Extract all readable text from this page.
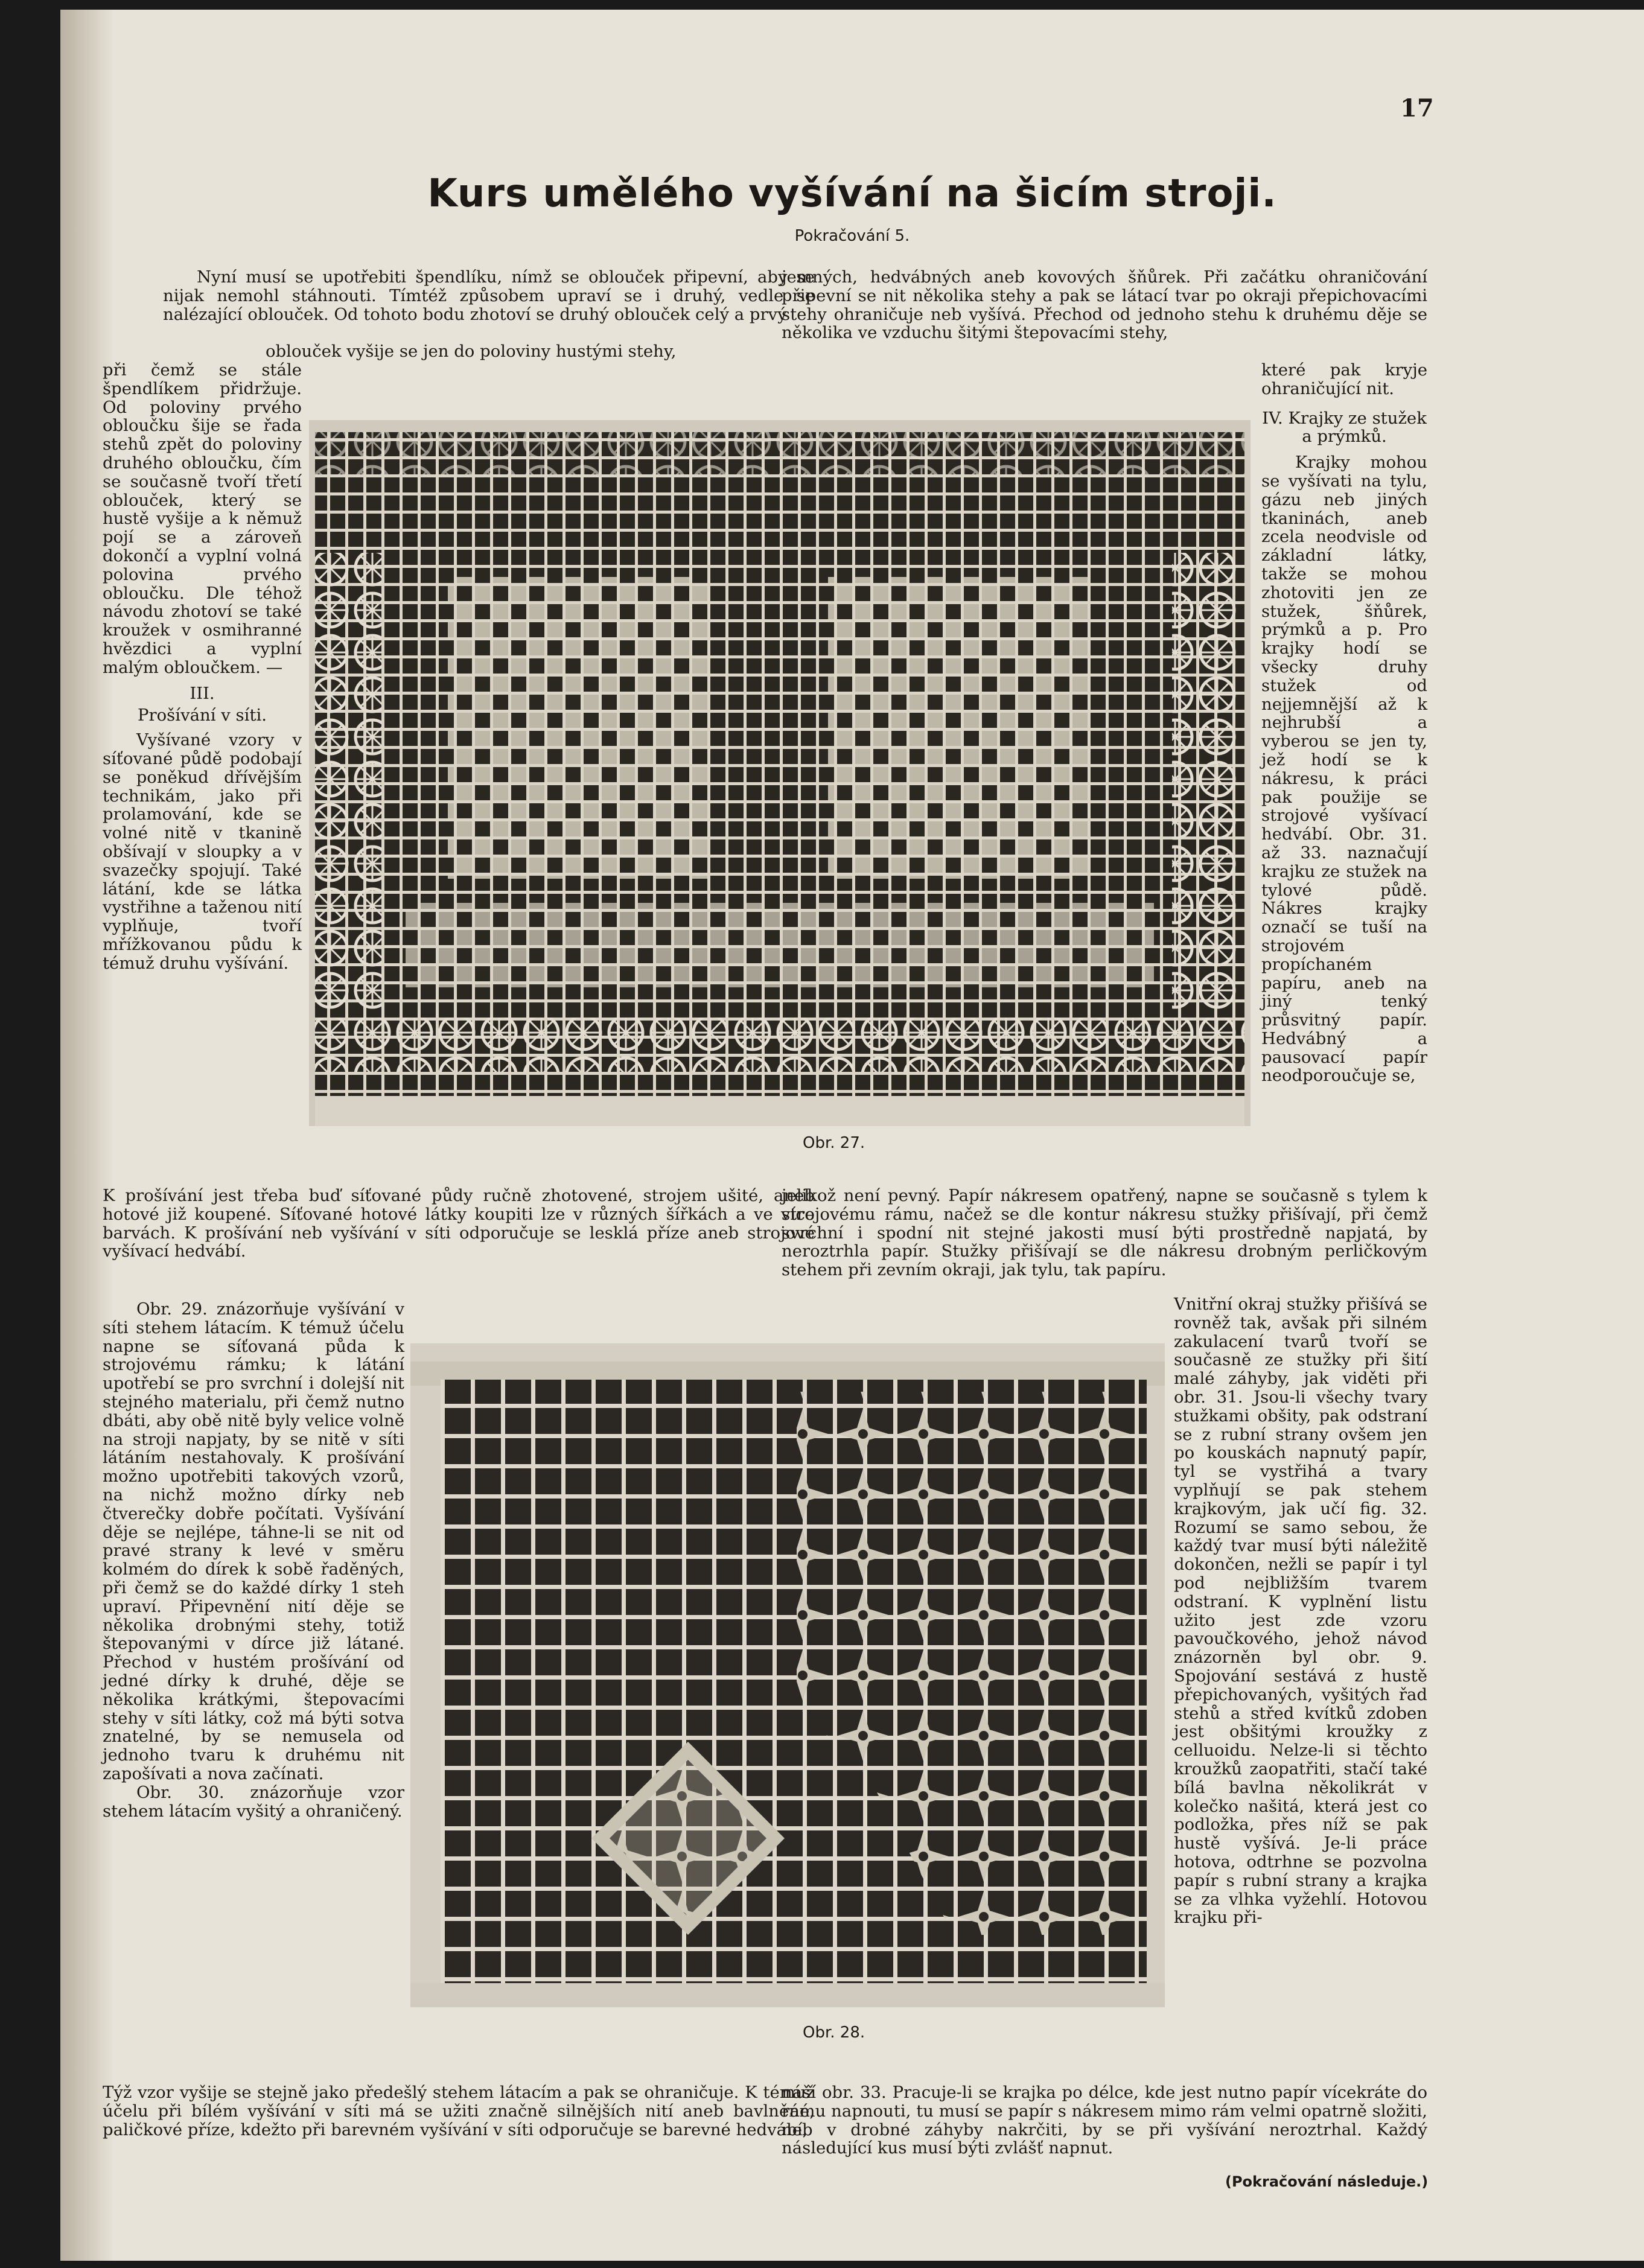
17
Kurs umělého vyšívání na šicím stroji.
Pokračování 5.

Nyní musí se upotřebiti špendlíku, nímž se oblouček připevní, aby se nijak nemohl stáhnouti. Tímtéž způsobem upraví se i druhý, vedle se nalézající oblouček. Od tohoto bodu zhotoví se druhý oblouček celý a prvý

oblouček vyšije se jen do poloviny hustými stehy,

jemných, hedvábných aneb kovových šňůrek. Při začátku ohraničování připevní se nit několika stehy a pak se látací tvar po okraji přepichovacími stehy ohraničuje neb vyšívá. Přechod od jednoho stehu k druhému děje se několika ve vzduchu šitými štepovacími stehy,

při čemž se stále špendlíkem přidržuje. Od poloviny prvého obloučku šije se řada stehů zpět do poloviny druhého obloučku, čím se současně tvoří třetí oblouček, který se hustě vyšije a k němuž pojí se a zároveň dokončí a vyplní volná polovina prvého obloučku. Dle téhož návodu zhotoví se také kroužek v osmihranné hvězdici a vyplní malým obloučkem. —

III.

Prošívání v síti.

Vyšívané vzory v síťované půdě podobají se poněkud dřívějším technikám, jako při prolamování, kde se volné nitě v tkanině obšívají v sloupky a v svazečky spojují. Také látání, kde se látka vystřihne a taženou nití vyplňuje, tvoří mřížkovanou půdu k témuž druhu vyšívání.

které pak kryje ohraničující nit.

IV. Krajky ze stužek a prýmků.

Krajky mohou se vyšívati na tylu, gázu neb jiných tkaninách, aneb zcela neodvisle od základní látky, takže se mohou zhotoviti jen ze stužek, šňůrek, prýmků a p. Pro krajky hodí se všecky druhy stužek od nejjemnější až k nejhrubší a vyberou se jen ty, jež hodí se k nákresu, k práci pak použije se strojové vyšívací hedvábí. Obr. 31. až 33. naznačují krajku ze stužek na tylové půdě. Nákres krajky označí se tuší na strojovém propíchaném papíru, aneb na jiný tenký průsvitný papír. Hedvábný a pausovací papír neodporoučuje se,

Obr. 27.

K prošívání jest třeba buď síťované půdy ručně zhotovené, strojem ušité, aneb hotové již koupené. Síťované hotové látky koupiti lze v různých šířkách a ve více barvách. K prošívání neb vyšívání v síti odporučuje se lesklá příze aneb strojové vyšívací hedvábí.

jelikož není pevný. Papír nákresem opatřený, napne se současně s tylem k strojovému rámu, načež se dle kontur nákresu stužky přišívají, při čemž svrchní i spodní nit stejné jakosti musí býti prostředně napjatá, by neroztrhla papír. Stužky přišívají se dle nákresu drobným perličkovým stehem při zevním okraji, jak tylu, tak papíru.

Obr. 29. znázorňuje vyšívání v síti stehem látacím. K témuž účelu napne se síťovaná půda k strojovému rámku; k látání upotřebí se pro svrchní i dolejší nit stejného materialu, při čemž nutno dbáti, aby obě nitě byly velice volně na stroji napjaty, by se nitě v síti látáním nestahovaly. K prošívání možno upotřebiti takových vzorů, na nichž možno dírky neb čtverečky dobře počítati. Vyšívání děje se nejlépe, táhne-li se nit od pravé strany k levé v směru kolmém do dírek k sobě řaděných, při čemž se do každé dírky 1 steh upraví. Připevnění nití děje se několika drobnými stehy, totiž štepovanými v dírce již látané. Přechod v hustém prošívání od jedné dírky k druhé, děje se několika krátkými, štepovacími stehy v síti látky, což má býti sotva znatelné, by se nemusela od jednoho tvaru k druhému nit zapošívati a nova začínati.

Obr. 30. znázorňuje vzor stehem látacím vyšitý a ohraničený.

Vnitřní okraj stužky přišívá se rovněž tak, avšak při silném zakulacení tvarů tvoří se současně ze stužky při šití malé záhyby, jak viděti při obr. 31. Jsou-li všechy tvary stužkami obšity, pak odstraní se z rubní strany ovšem jen po kouskách napnutý papír, tyl se vystřihá a tvary vyplňují se pak stehem krajkovým, jak učí fig. 32. Rozumí se samo sebou, že každý tvar musí býti náležitě dokončen, nežli se papír i tyl pod nejbližším tvarem odstraní. K vyplnění listu užito jest zde vzoru pavoučkového, jehož návod znázorněn byl obr. 9. Spojování sestává z hustě přepichovaných, vyšitých řad stehů a střed kvítků zdoben jest obšitými kroužky z celluoidu. Nelze-li si těchto kroužků zaopatřiti, stačí také bílá bavlna několikrát v kolečko našitá, která jest co podložka, přes níž se pak hustě vyšívá. Je-li práce hotova, odtrhne se pozvolna papír s rubní strany a krajka se za vlhka vyžehlí. Hotovou krajku při-

Obr. 28.

Týž vzor vyšije se stejně jako předešlý stehem látacím a pak se ohraničuje. K témuž účelu při bílém vyšívání v síti má se užiti značně silnějších nití aneb bavlněné, paličkové příze, kdežto při barevném vyšívání v síti odporučuje se barevné hedvábí,

náší obr. 33. Pracuje-li se krajka po délce, kde jest nutno papír vícekráte do rámu napnouti, tu musí se papír s nákresem mimo rám velmi opatrně složiti, neb v drobné záhyby nakrčiti, by se při vyšívání neroztrhal. Každý následující kus musí býti zvlášť napnut.

(Pokračování následuje.)
